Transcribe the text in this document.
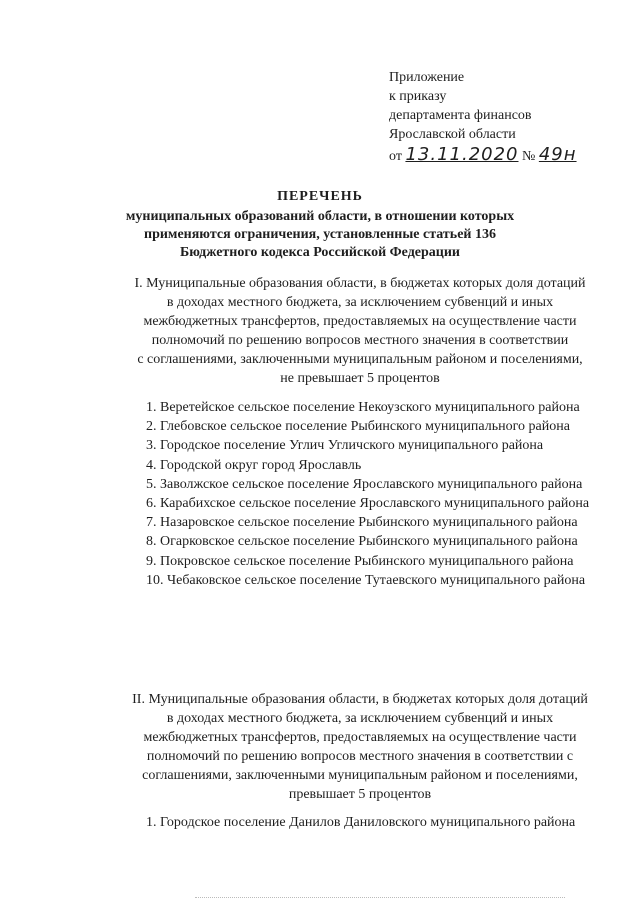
Приложение
к приказу
департамента финансов
Ярославской области
от 13.11.2020 № 49н
ПЕРЕЧЕНЬ
муниципальных образований области, в отношении которых
применяются ограничения, установленные статьей 136
Бюджетного кодекса Российской Федерации
I. Муниципальные образования области, в бюджетах которых доля дотаций
в доходах местного бюджета, за исключением субвенций и иных
межбюджетных трансфертов, предоставляемых на осуществление части
полномочий по решению вопросов местного значения в соответствии
с соглашениями, заключенными муниципальным районом и поселениями,
не превышает 5 процентов
1. Веретейское сельское поселение Некоузского муниципального района
2. Глебовское сельское поселение Рыбинского муниципального района
3. Городское поселение Углич Угличского муниципального района
4. Городской округ город Ярославль
5. Заволжское сельское поселение Ярославского муниципального района
6. Карабихское сельское поселение Ярославского муниципального района
7. Назаровское сельское поселение Рыбинского муниципального района
8. Огарковское сельское поселение Рыбинского муниципального района
9. Покровское сельское поселение Рыбинского муниципального района
10. Чебаковское сельское поселение Тутаевского муниципального района
II. Муниципальные образования области, в бюджетах которых доля дотаций
в доходах местного бюджета, за исключением субвенций и иных
межбюджетных трансфертов, предоставляемых на осуществление части
полномочий по решению вопросов местного значения в соответствии с
соглашениями, заключенными муниципальным районом и поселениями,
превышает 5 процентов
1. Городское поселение Данилов Даниловского муниципального района
